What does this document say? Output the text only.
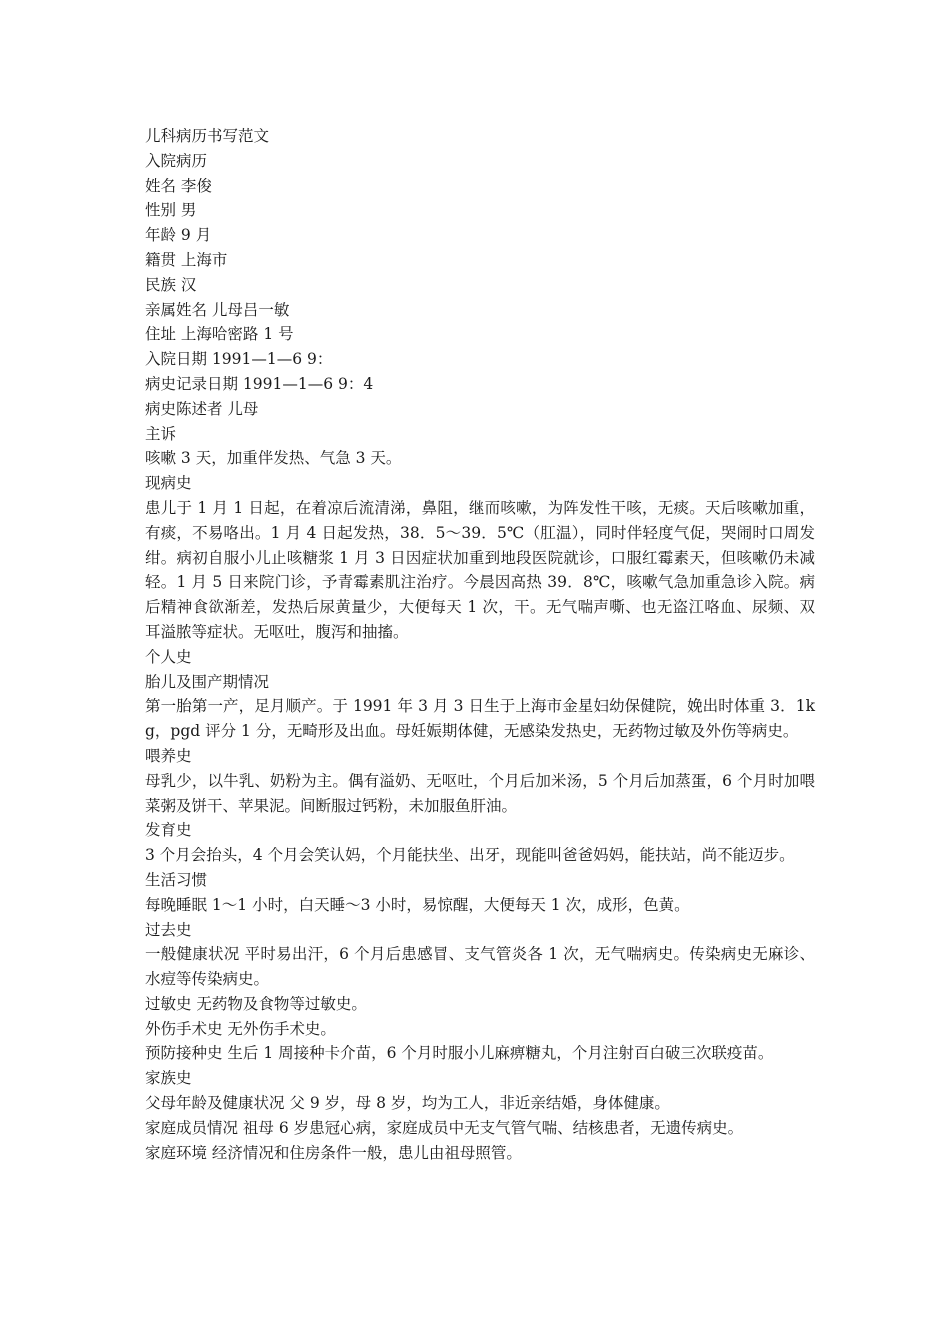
儿科病历书写范文

入院病历

姓名 李俊

性别 男

年龄 9 月

籍贯 上海市

民族 汉

亲属姓名 儿母吕一敏

住址 上海哈密路 1 号

入院日期 1991—1—6 9：

病史记录日期 1991—1—6 9：4

病史陈述者 儿母

主诉

咳嗽 3 天，加重伴发热、气急 3 天。

现病史

患儿于 1 月 1 日起，在着凉后流清涕，鼻阻，继而咳嗽，为阵发性干咳，无痰。天后咳嗽加重，有痰，不易咯出。1 月 4 日起发热，38．5～39．5℃（肛温），同时伴轻度气促，哭闹时口周发绀。病初自服小儿止咳糖浆 1 月 3 日因症状加重到地段医院就诊，口服红霉素天，但咳嗽仍未减轻。1 月 5 日来院门诊，予青霉素肌注治疗。今晨因高热 39．8℃，咳嗽气急加重急诊入院。病后精神食欲渐差，发热后尿黄量少，大便每天 1 次，干。无气喘声嘶、也无盗江咯血、尿频、双耳溢脓等症状。无呕吐，腹泻和抽搐。

个人史

胎儿及围产期情况

第一胎第一产，足月顺产。于 1991 年 3 月 3 日生于上海市金星妇幼保健院，娩出时体重 3．1kg，pgd 评分 1 分，无畸形及出血。母妊娠期体健，无感染发热史，无药物过敏及外伤等病史。

喂养史

母乳少，以牛乳、奶粉为主。偶有溢奶、无呕吐，个月后加米汤，5 个月后加蒸蛋，6 个月时加喂菜粥及饼干、苹果泥。间断服过钙粉，未加服鱼肝油。

发育史

3 个月会抬头，4 个月会笑认妈，个月能扶坐、出牙，现能叫爸爸妈妈，能扶站，尚不能迈步。

生活习惯

每晚睡眠 1～1 小时，白天睡～3 小时，易惊醒，大便每天 1 次，成形，色黄。

过去史

一般健康状况 平时易出汗，6 个月后患感冒、支气管炎各 1 次，无气喘病史。传染病史无麻诊、水痘等传染病史。

过敏史 无药物及食物等过敏史。

外伤手术史 无外伤手术史。

预防接种史 生后 1 周接种卡介苗，6 个月时服小儿麻痹糖丸，个月注射百白破三次联疫苗。

家族史

父母年龄及健康状况 父 9 岁，母 8 岁，均为工人，非近亲结婚，身体健康。

家庭成员情况 祖母 6 岁患冠心病，家庭成员中无支气管气喘、结核患者，无遗传病史。

家庭环境 经济情况和住房条件一般，患儿由祖母照管。
